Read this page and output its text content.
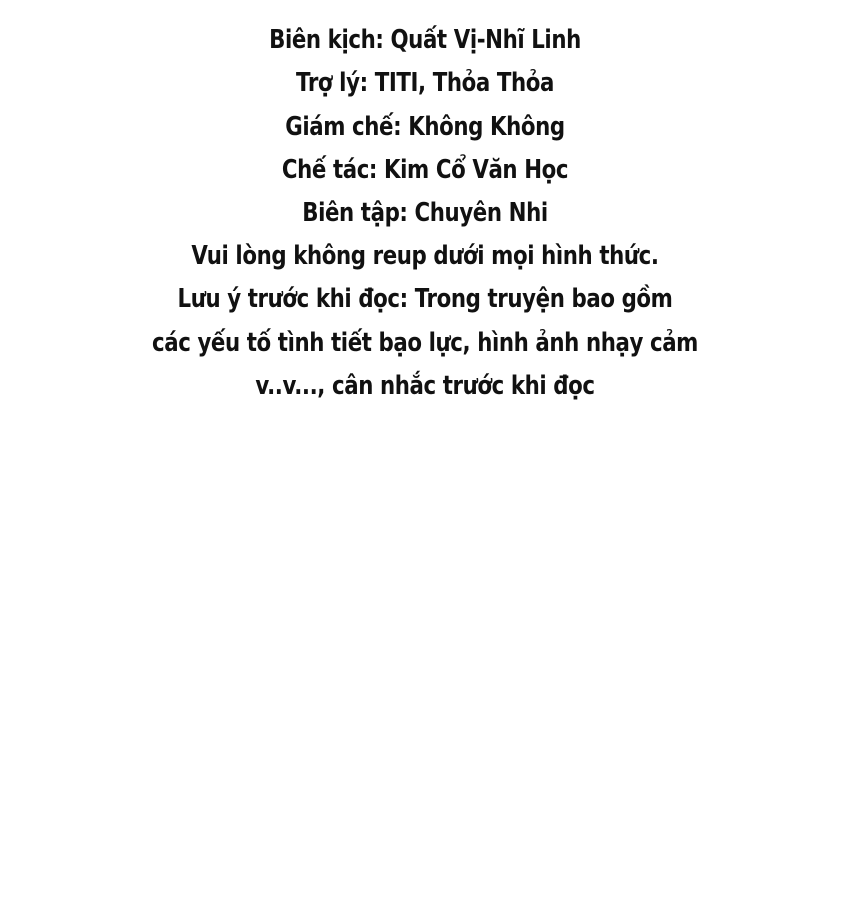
Biên kịch: Quất Vị-Nhĩ Linh
Trợ lý: TITI, Thỏa Thỏa
Giám chế: Không Không
Chế tác: Kim Cổ Văn Học
Biên tập: Chuyên Nhi
Vui lòng không reup dưới mọi hình thức.
Lưu ý trước khi đọc: Trong truyện bao gồm
các yếu tố tình tiết bạo lực, hình ảnh nhạy cảm
v..v..., cân nhắc trước khi đọc
